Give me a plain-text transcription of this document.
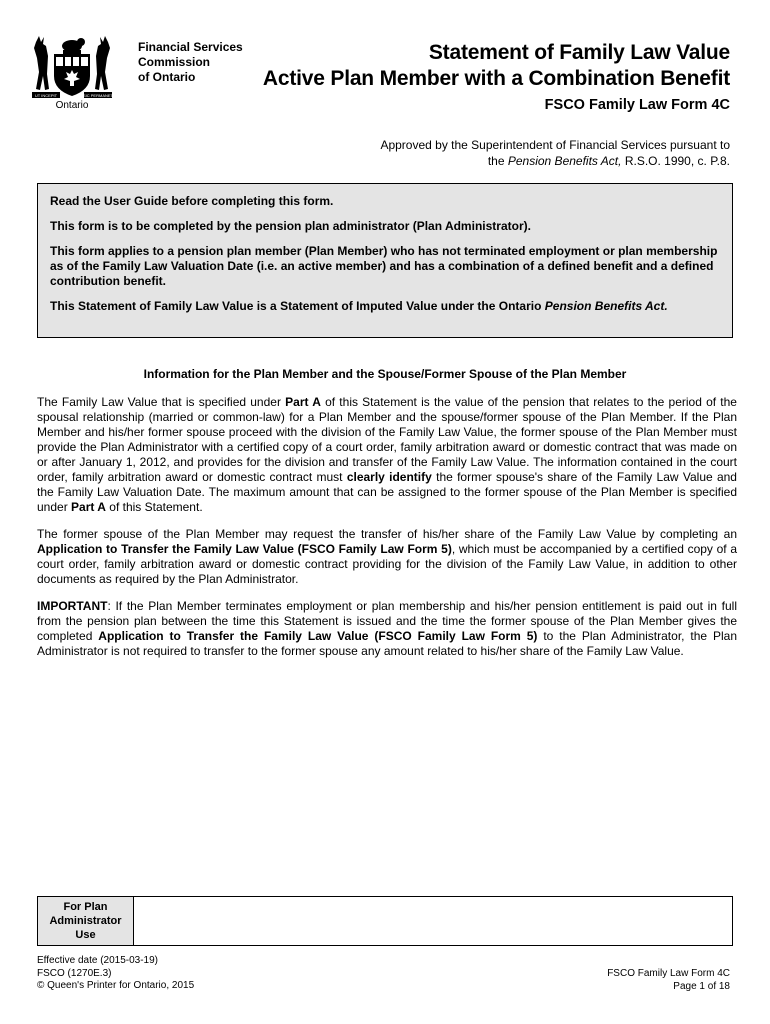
UT INCEPIT	SIC PERMANET
Ontario
Financial Services
Commission
of Ontario
Statement of Family Law Value
Active Plan Member with a Combination Benefit
FSCO Family Law Form 4C
Approved by the Superintendent of Financial Services pursuant to
the Pension Benefits Act, R.S.O. 1990, c. P.8.

Read the User Guide before completing this form.

This form is to be completed by the pension plan administrator (Plan Administrator).

This form applies to a pension plan member (Plan Member) who has not terminated employment or plan membership as of the Family Law Valuation Date (i.e. an active member) and has a combination of a defined benefit and a defined contribution benefit.

This Statement of Family Law Value is a Statement of Imputed Value under the Ontario Pension Benefits Act.

Information for the Plan Member and the Spouse/Former Spouse of the Plan Member

The Family Law Value that is specified under Part A of this Statement is the value of the pension that relates to the period of the spousal relationship (married or common-law) for a Plan Member and the spouse/former spouse of the Plan Member. If the Plan Member and his/her former spouse proceed with the division of the Family Law Value, the former spouse of the Plan Member must provide the Plan Administrator with a certified copy of a court order, family arbitration award or domestic contract that was made on or after January 1, 2012, and provides for the division and transfer of the Family Law Value. The information contained in the court order, family arbitration award or domestic contract must clearly identify the former spouse's share of the Family Law Value and the Family Law Valuation Date. The maximum amount that can be assigned to the former spouse of the Plan Member is specified under Part A of this Statement.

The former spouse of the Plan Member may request the transfer of his/her share of the Family Law Value by completing an Application to Transfer the Family Law Value (FSCO Family Law Form 5), which must be accompanied by a certified copy of a court order, family arbitration award or domestic contract providing for the division of the Family Law Value, in addition to other documents as required by the Plan Administrator.

IMPORTANT: If the Plan Member terminates employment or plan membership and his/her pension entitlement is paid out in full from the pension plan between the time this Statement is issued and the time the former spouse of the Plan Member gives the completed Application to Transfer the Family Law Value (FSCO Family Law Form 5) to the Plan Administrator, the Plan Administrator is not required to transfer to the former spouse any amount related to his/her share of the Family Law Value.

For Plan
Administrator
Use
Effective date (2015-03-19)
FSCO (1270E.3)
© Queen's Printer for Ontario, 2015
FSCO Family Law Form 4C
Page 1 of 18
